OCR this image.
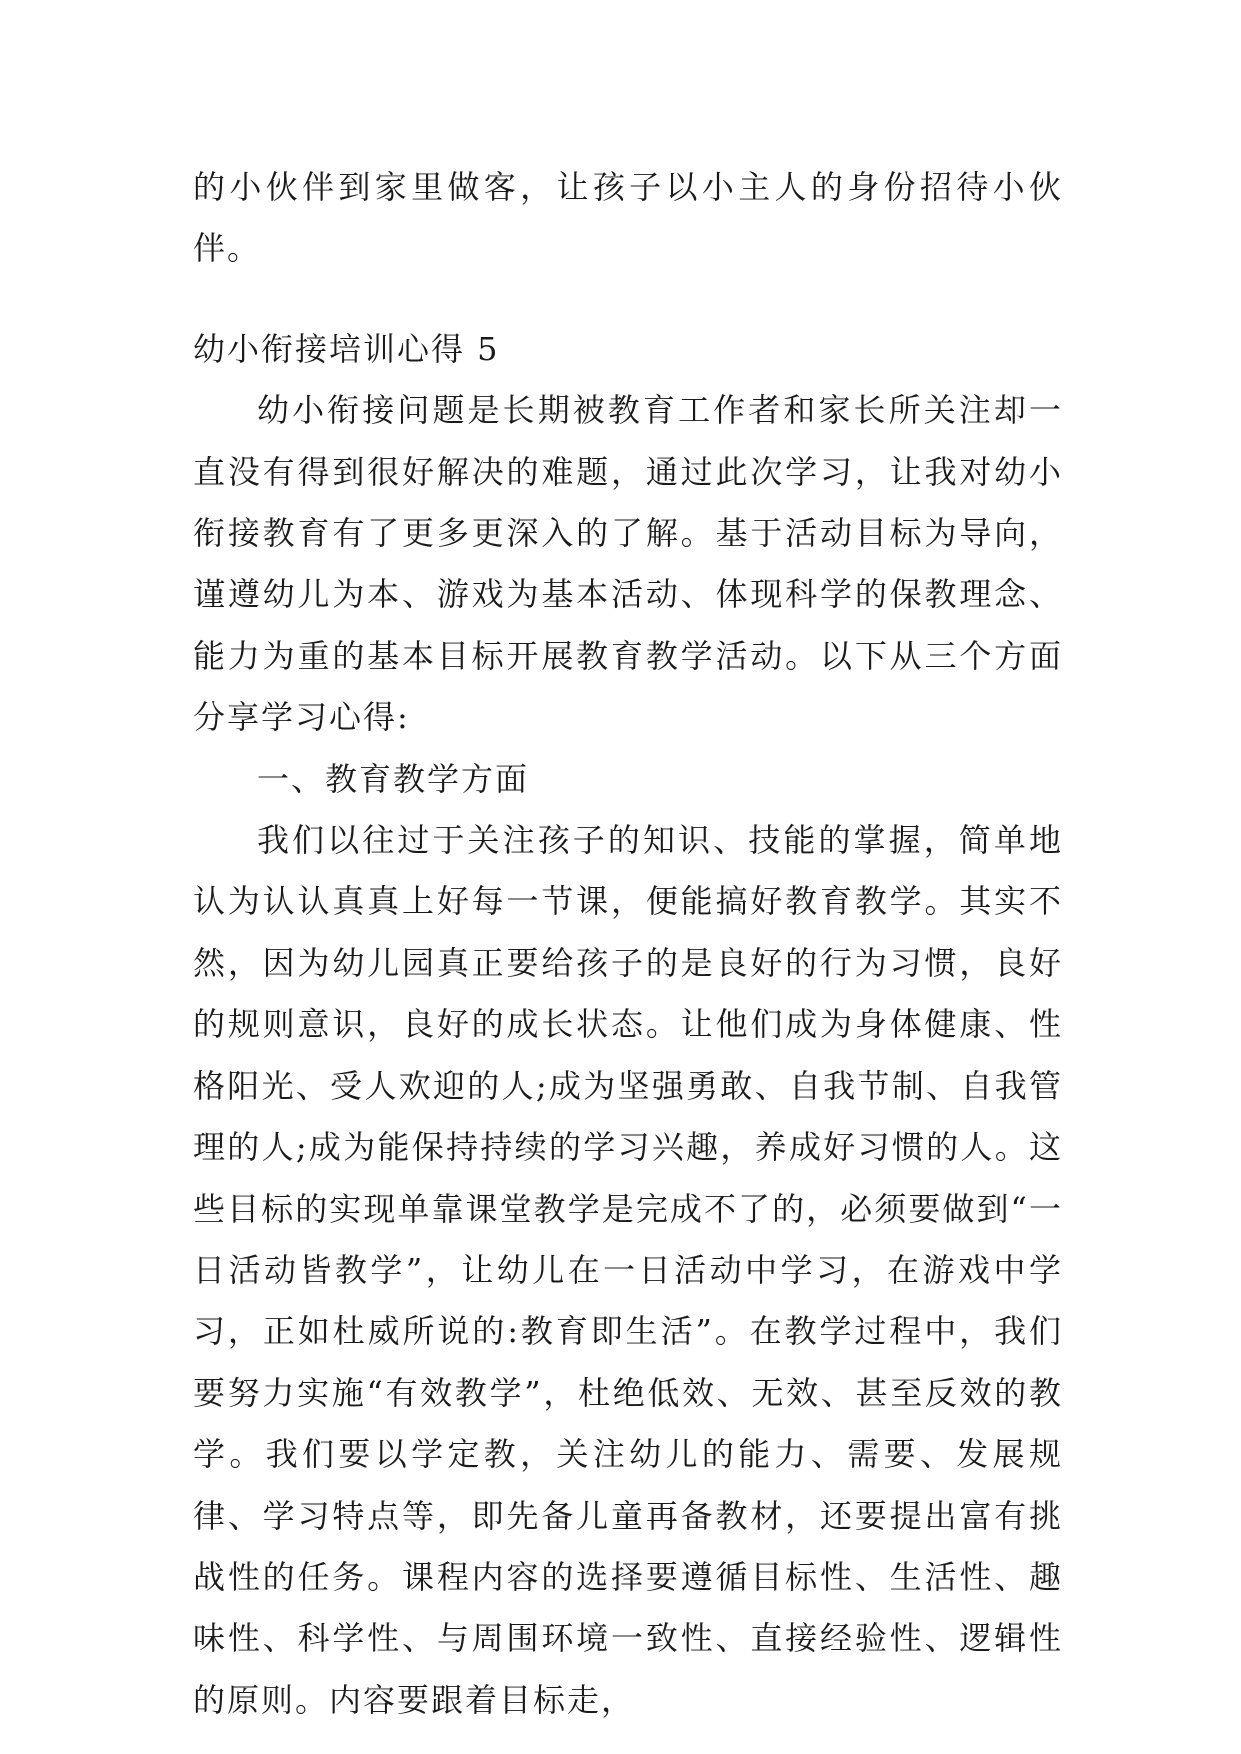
的小伙伴到家里做客，让孩子以小主人的身份招待小伙伴。

幼小衔接培训心得 5

幼小衔接问题是长期被教育工作者和家长所关注却一直没有得到很好解决的难题，通过此次学习，让我对幼小衔接教育有了更多更深入的了解。基于活动目标为导向，谨遵幼儿为本、游戏为基本活动、体现科学的保教理念、能力为重的基本目标开展教育教学活动。以下从三个方面分享学习心得:

一、教育教学方面

我们以往过于关注孩子的知识、技能的掌握，简单地认为认认真真上好每一节课，便能搞好教育教学。其实不然，因为幼儿园真正要给孩子的是良好的行为习惯，良好的规则意识，良好的成长状态。让他们成为身体健康、性格阳光、受人欢迎的人;成为坚强勇敢、自我节制、自我管理的人;成为能保持持续的学习兴趣，养成好习惯的人。这些目标的实现单靠课堂教学是完成不了的，必须要做到“一日活动皆教学”，让幼儿在一日活动中学习，在游戏中学习，正如杜威所说的:教育即生活”。在教学过程中，我们要努力实施“有效教学”，杜绝低效、无效、甚至反效的教学。我们要以学定教，关注幼儿的能力、需要、发展规律、学习特点等，即先备儿童再备教材，还要提出富有挑战性的任务。课程内容的选择要遵循目标性、生活性、趣味性、科学性、与周围环境一致性、直接经验性、逻辑性的原则。内容要跟着目标走，
